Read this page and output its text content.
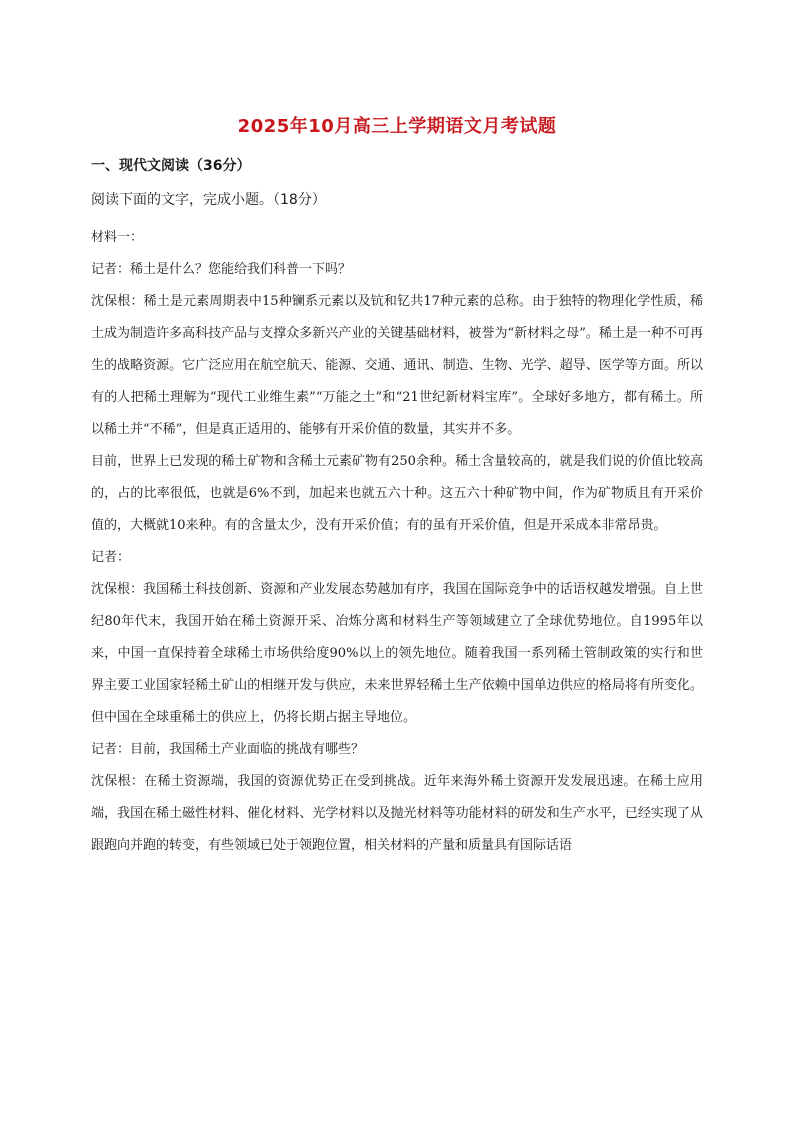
2025年10月高三上学期语文月考试题
一、现代文阅读（36分）
阅读下面的文字，完成小题。（18分）

材料一：

记者：稀土是什么？您能给我们科普一下吗？

沈保根：稀土是元素周期表中15种镧系元素以及钪和钇共17种元素的总称。由于独特的物理化学性质，稀土成为制造许多高科技产品与支撑众多新兴产业的关键基础材料，被誉为“新材料之母”。稀土是一种不可再生的战略资源。它广泛应用在航空航天、能源、交通、通讯、制造、生物、光学、超导、医学等方面。所以有的人把稀土理解为“现代工业维生素”“万能之土”和“21世纪新材料宝库”。全球好多地方，都有稀土。所以稀土并“不稀”，但是真正适用的、能够有开采价值的数量，其实并不多。

目前，世界上已发现的稀土矿物和含稀土元素矿物有250余种。稀土含量较高的，就是我们说的价值比较高的，占的比率很低，也就是6%不到，加起来也就五六十种。这五六十种矿物中间，作为矿物质且有开采价值的，大概就10来种。有的含量太少，没有开采价值；有的虽有开采价值，但是开采成本非常昂贵。

记者：

沈保根：我国稀土科技创新、资源和产业发展态势越加有序，我国在国际竞争中的话语权越发增强。自上世纪80年代末，我国开始在稀土资源开采、冶炼分离和材料生产等领域建立了全球优势地位。自1995年以来，中国一直保持着全球稀土市场供给度90%以上的领先地位。随着我国一系列稀土管制政策的实行和世界主要工业国家轻稀土矿山的相继开发与供应，未来世界轻稀土生产依赖中国单边供应的格局将有所变化。但中国在全球重稀土的供应上，仍将长期占据主导地位。

记者：目前，我国稀土产业面临的挑战有哪些？

沈保根：在稀土资源端，我国的资源优势正在受到挑战。近年来海外稀土资源开发发展迅速。在稀土应用端，我国在稀土磁性材料、催化材料、光学材料以及抛光材料等功能材料的研发和生产水平，已经实现了从跟跑向并跑的转变，有些领域已处于领跑位置，相关材料的产量和质量具有国际话语
